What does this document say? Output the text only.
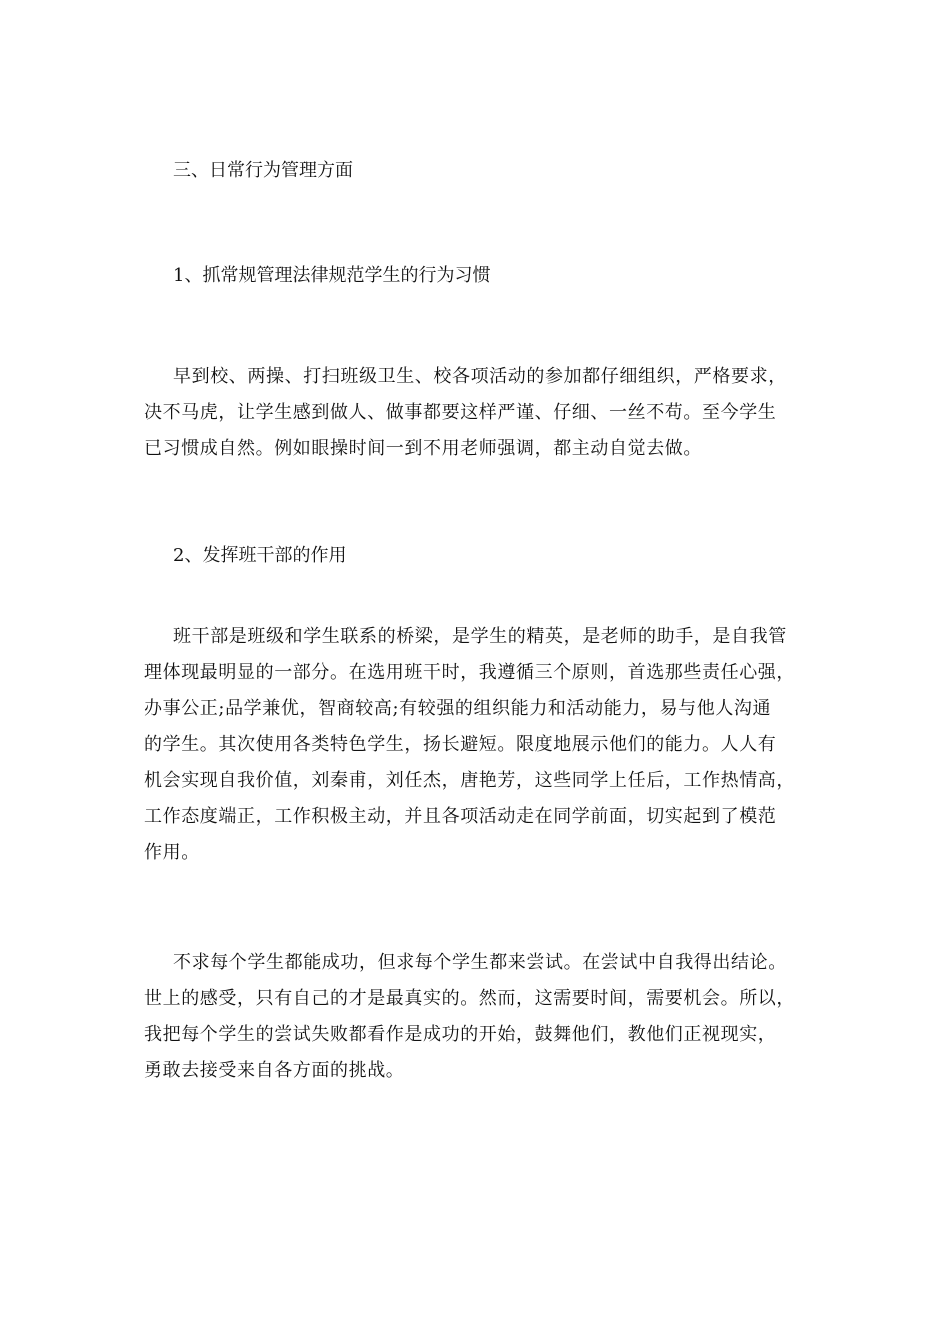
三、日常行为管理方面
1、抓常规管理法律规范学生的行为习惯
早到校、两操、打扫班级卫生、校各项活动的参加都仔细组织，严格要求，
决不马虎，让学生感到做人、做事都要这样严谨、仔细、一丝不苟。至今学生
已习惯成自然。例如眼操时间一到不用老师强调，都主动自觉去做。
2、发挥班干部的作用
班干部是班级和学生联系的桥梁，是学生的精英，是老师的助手，是自我管
理体现最明显的一部分。在选用班干时，我遵循三个原则，首选那些责任心强，
办事公正;品学兼优，智商较高;有较强的组织能力和活动能力，易与他人沟通
的学生。其次使用各类特色学生，扬长避短。限度地展示他们的能力。人人有
机会实现自我价值，刘秦甫，刘任杰，唐艳芳，这些同学上任后，工作热情高，
工作态度端正，工作积极主动，并且各项活动走在同学前面，切实起到了模范
作用。
不求每个学生都能成功，但求每个学生都来尝试。在尝试中自我得出结论。
世上的感受，只有自己的才是最真实的。然而，这需要时间，需要机会。所以，
我把每个学生的尝试失败都看作是成功的开始，鼓舞他们，教他们正视现实，
勇敢去接受来自各方面的挑战。
